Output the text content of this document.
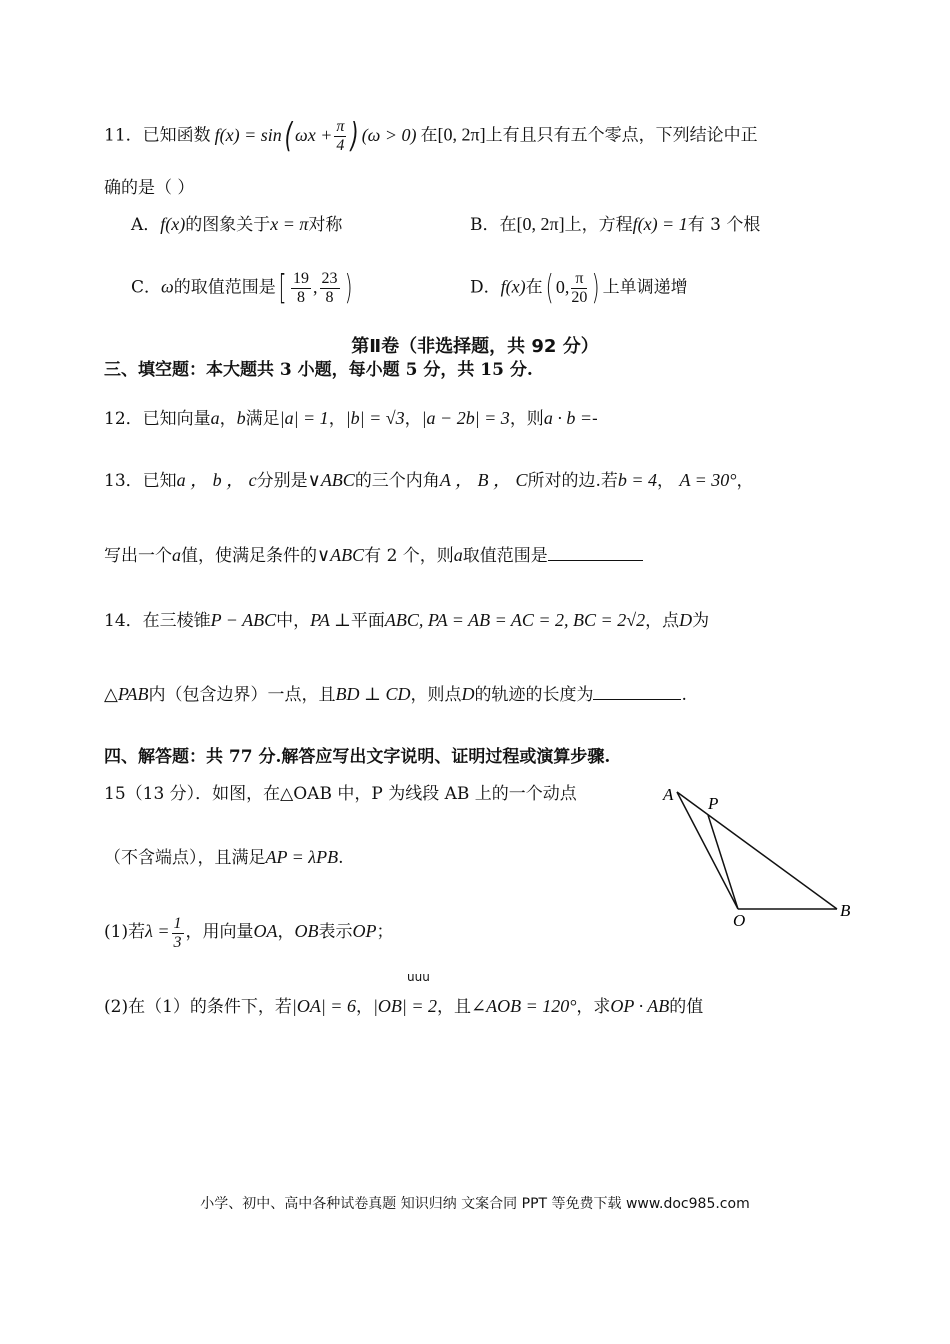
11．已知函数 f(x) = sin( $\omega x + \frac{\pi}{4}$ ) (ω > 0) 在[0, 2π]上有且只有五个零点，下列结论中正
确的是（ ）
A．f(x)的图象关于x = π对称	B．在[0, 2π]上，方程f(x) = 1有 3 个根
C．ω的取值范围是[ $\frac{19}{8}$ , $\frac{23}{8}$ )	D．f(x)在( 0, $\frac{\pi}{20}$ ) 上单调递增
第Ⅱ卷（非选择题，共 92 分）
三、填空题：本大题共 3 小题，每小题 5 分，共 15 分.
12．已知向量a，b满足|a| = 1，|b| = √3，|a − 2b| = 3，则a · b =-
13．已知a ， b ， c分别是∨ABC的三个内角A ， B ， C所对的边.若b = 4， A = 30°，
写出一个a值，使满足条件的∨ABC有 2 个，则a取值范围是
14．在三棱锥P − ABC中，PA ⊥平面ABC, PA = AB = AC = 2, BC = 2√2，点D为
△PAB内（包含边界）一点，且BD ⊥ CD，则点D的轨迹的长度为	.
四、解答题：共 77 分.解答应写出文字说明、证明过程或演算步骤.
15（13 分）．如图，在△OAB 中，P 为线段 AB 上的一个动点
（不含端点），且满足AP = λPB.
(1)若$\lambda = \frac{1}{3}$ ，用向量OA，OB表示OP；
uuu
(2)在（1）的条件下，若|OA| = 6，|OB| = 2，且∠AOB = 120°，求OP · AB的值
A P
O
B
小学、初中、高中各种试卷真题 知识归纳 文案合同 PPT 等免费下载 www.doc985.com
